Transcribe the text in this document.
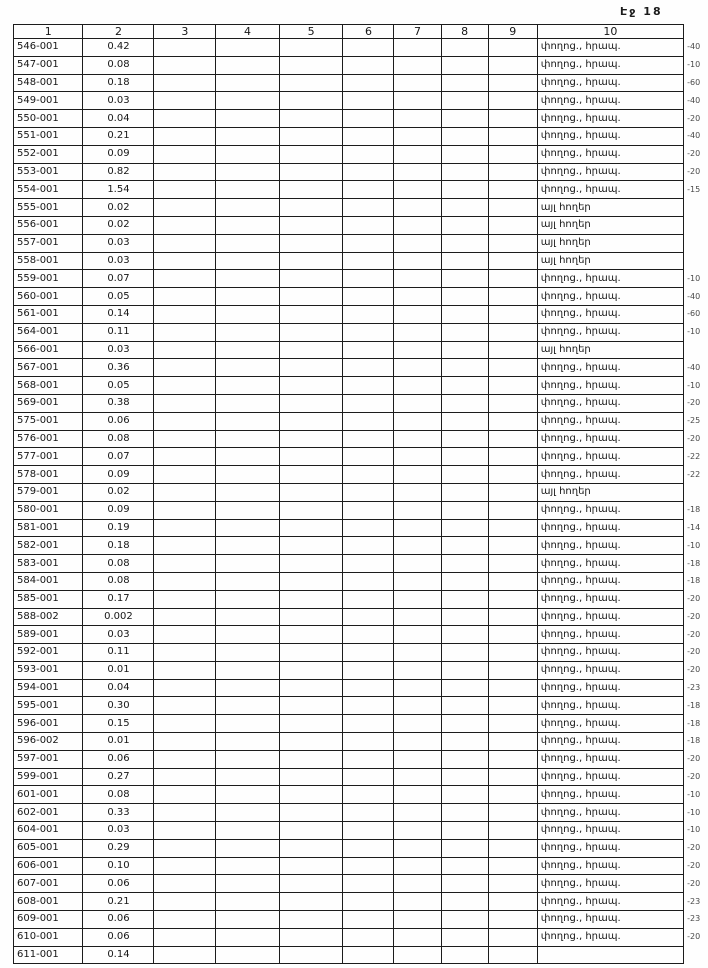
Էջ 18
1	2	3	4	5	6	7	8	9	10	
546-001	0.42								փողոց., հրապ.	-40
547-001	0.08								փողոց., հրապ.	-10
548-001	0.18								փողոց., հրապ.	-60
549-001	0.03								փողոց., հրապ.	-40
550-001	0.04								փողոց., հրապ.	-20
551-001	0.21								փողոց., հրապ.	-40
552-001	0.09								փողոց., հրապ.	-20
553-001	0.82								փողոց., հրապ.	-20
554-001	1.54								փողոց., հրապ.	-15
555-001	0.02								այլ հողեր	
556-001	0.02								այլ հողեր	
557-001	0.03								այլ հողեր	
558-001	0.03								այլ հողեր	
559-001	0.07								փողոց., հրապ.	-10
560-001	0.05								փողոց., հրապ.	-40
561-001	0.14								փողոց., հրապ.	-60
564-001	0.11								փողոց., հրապ.	-10
566-001	0.03								այլ հողեր	
567-001	0.36								փողոց., հրապ.	-40
568-001	0.05								փողոց., հրապ.	-10
569-001	0.38								փողոց., հրապ.	-20
575-001	0.06								փողոց., հրապ.	-25
576-001	0.08								փողոց., հրապ.	-20
577-001	0.07								փողոց., հրապ.	-22
578-001	0.09								փողոց., հրապ.	-22
579-001	0.02								այլ հողեր	
580-001	0.09								փողոց., հրապ.	-18
581-001	0.19								փողոց., հրապ.	-14
582-001	0.18								փողոց., հրապ.	-10
583-001	0.08								փողոց., հրապ.	-18
584-001	0.08								փողոց., հրապ.	-18
585-001	0.17								փողոց., հրապ.	-20
588-002	0.002								փողոց., հրապ.	-20
589-001	0.03								փողոց., հրապ.	-20
592-001	0.11								փողոց., հրապ.	-20
593-001	0.01								փողոց., հրապ.	-20
594-001	0.04								փողոց., հրապ.	-23
595-001	0.30								փողոց., հրապ.	-18
596-001	0.15								փողոց., հրապ.	-18
596-002	0.01								փողոց., հրապ.	-18
597-001	0.06								փողոց., հրապ.	-20
599-001	0.27								փողոց., հրապ.	-20
601-001	0.08								փողոց., հրապ.	-10
602-001	0.33								փողոց., հրապ.	-10
604-001	0.03								փողոց., հրապ.	-10
605-001	0.29								փողոց., հրապ.	-20
606-001	0.10								փողոց., հրապ.	-20
607-001	0.06								փողոց., հրապ.	-20
608-001	0.21								փողոց., հրապ.	-23
609-001	0.06								փողոց., հրապ.	-23
610-001	0.06								փողոց., հրապ.	-20
611-001	0.14									
